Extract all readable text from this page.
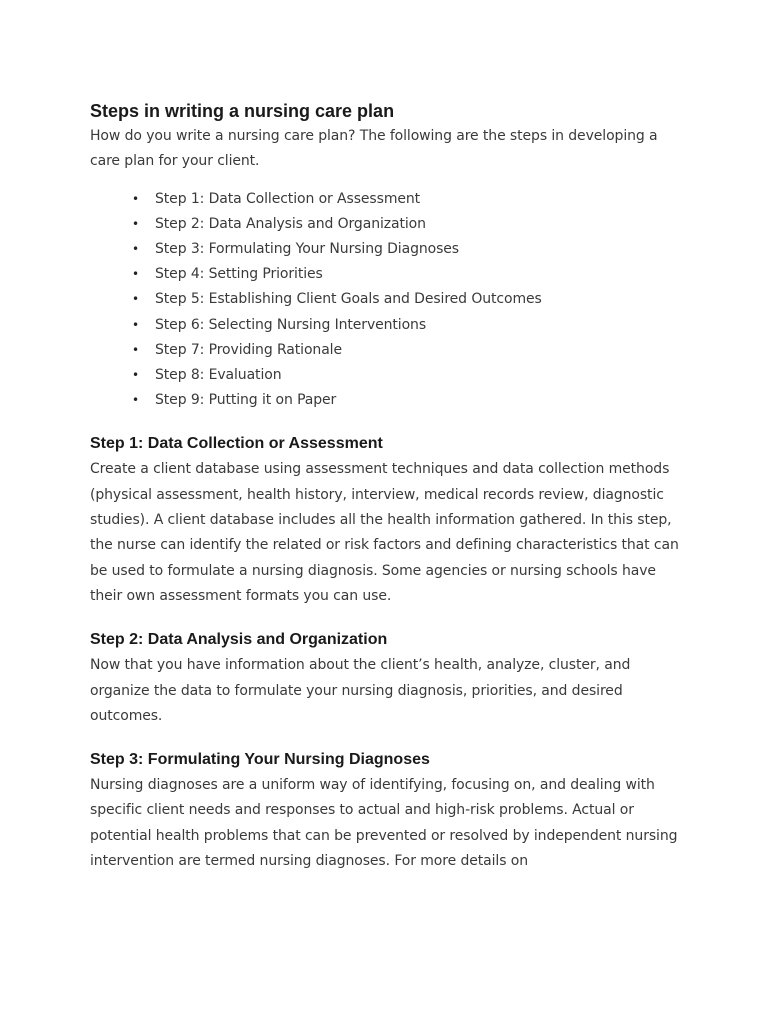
Steps in writing a nursing care plan

How do you write a nursing care plan? The following are the steps in developing a care plan for your client.

• Step 1: Data Collection or Assessment
• Step 2: Data Analysis and Organization
• Step 3: Formulating Your Nursing Diagnoses
• Step 4: Setting Priorities
• Step 5: Establishing Client Goals and Desired Outcomes
• Step 6: Selecting Nursing Interventions
• Step 7: Providing Rationale
• Step 8: Evaluation
• Step 9: Putting it on Paper
Step 1: Data Collection or Assessment

Create a client database using assessment techniques and data collection methods (physical assessment, health history, interview, medical records review, diagnostic studies). A client database includes all the health information gathered. In this step, the nurse can identify the related or risk factors and defining characteristics that can be used to formulate a nursing diagnosis. Some agencies or nursing schools have their own assessment formats you can use.

Step 2: Data Analysis and Organization

Now that you have information about the client’s health, analyze, cluster, and organize the data to formulate your nursing diagnosis, priorities, and desired outcomes.

Step 3: Formulating Your Nursing Diagnoses

Nursing diagnoses are a uniform way of identifying, focusing on, and dealing with specific client needs and responses to actual and high-risk problems. Actual or potential health problems that can be prevented or resolved by independent nursing intervention are termed nursing diagnoses. For more details on
